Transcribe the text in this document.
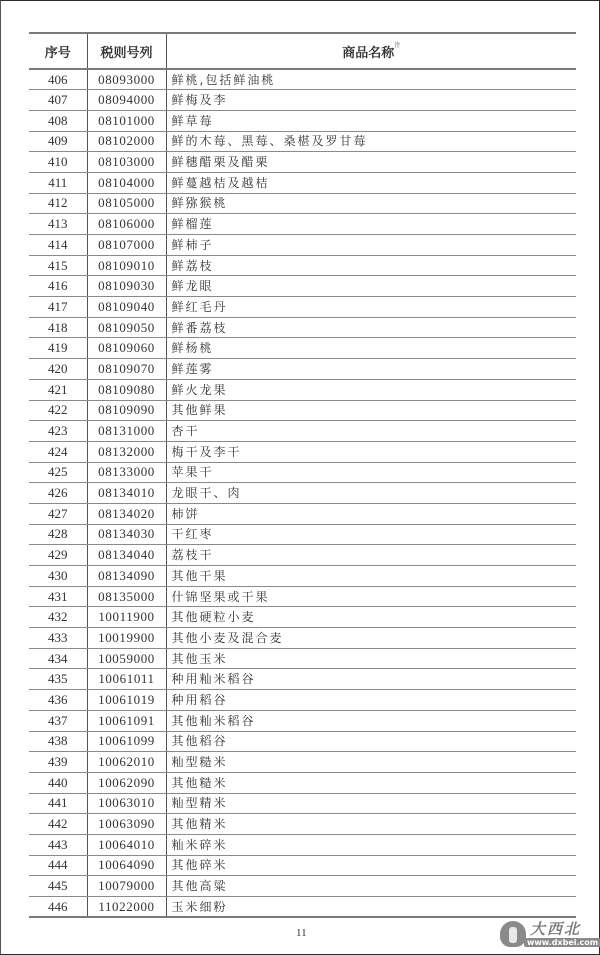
序号	税则号列	商品名称$^注$
406	08093000	鲜桃,包括鲜油桃
407	08094000	鲜梅及李
408	08101000	鲜草莓
409	08102000	鲜的木莓、黑莓、桑椹及罗甘莓
410	08103000	鲜穗醋栗及醋栗
411	08104000	鲜蔓越桔及越桔
412	08105000	鲜猕猴桃
413	08106000	鲜榴莲
414	08107000	鲜柿子
415	08109010	鲜荔枝
416	08109030	鲜龙眼
417	08109040	鲜红毛丹
418	08109050	鲜番荔枝
419	08109060	鲜杨桃
420	08109070	鲜莲雾
421	08109080	鲜火龙果
422	08109090	其他鲜果
423	08131000	杏干
424	08132000	梅干及李干
425	08133000	苹果干
426	08134010	龙眼干、肉
427	08134020	柿饼
428	08134030	干红枣
429	08134040	荔枝干
430	08134090	其他干果
431	08135000	什锦坚果或干果
432	10011900	其他硬粒小麦
433	10019900	其他小麦及混合麦
434	10059000	其他玉米
435	10061011	种用籼米稻谷
436	10061019	种用稻谷
437	10061091	其他籼米稻谷
438	10061099	其他稻谷
439	10062010	籼型糙米
440	10062090	其他糙米
441	10063010	籼型精米
442	10063090	其他精米
443	10064010	籼米碎米
444	10064090	其他碎米
445	10079000	其他高粱
446	11022000	玉米细粉
11	大西北
www.dxbei.com
